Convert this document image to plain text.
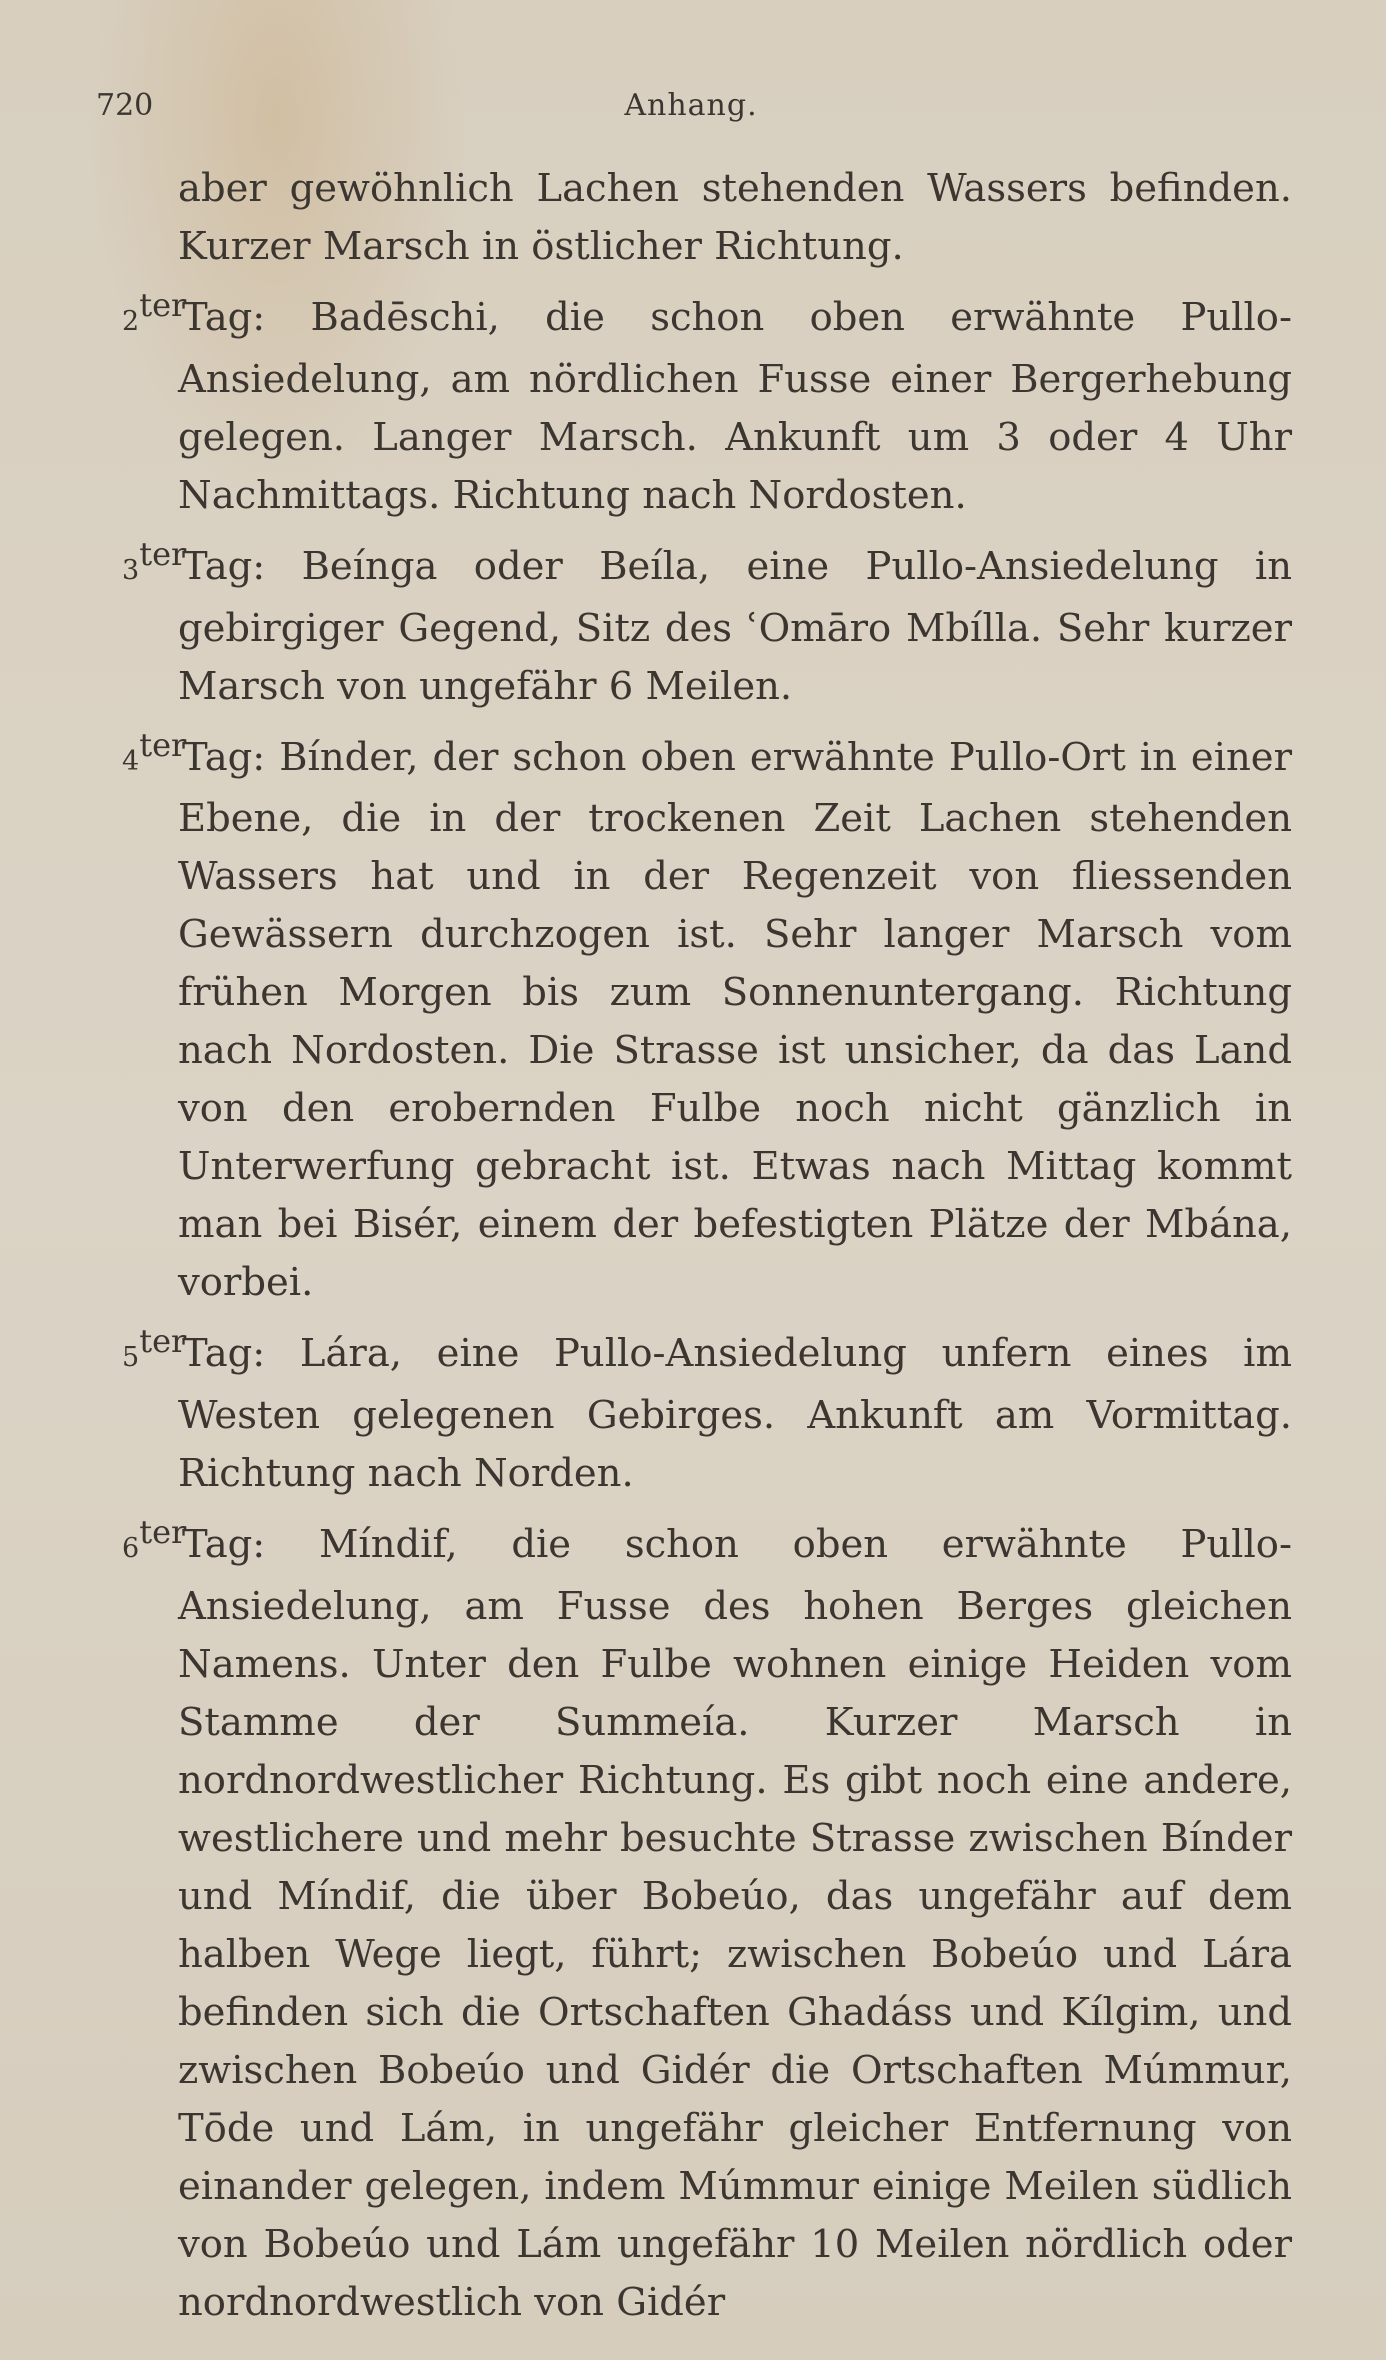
720	Anhang.

aber gewöhnlich Lachen stehenden Wassers befinden. Kurzer Marsch in östlicher Richtung.

$2^{ter}Tag$: Badēschi, die schon oben erwähnte Pullo-Ansiedelung, am nördlichen Fusse einer Bergerhebung gelegen. Langer Marsch. Ankunft um 3 oder 4 Uhr Nachmittags. Richtung nach Nordosten.

$3^{ter}Tag$: Beínga oder Beíla, eine Pullo-Ansiedelung in gebirgiger Gegend, Sitz des ʿOmāro Mbílla. Sehr kurzer Marsch von ungefähr 6 Meilen.

$4^{ter}Tag$: Bínder, der schon oben erwähnte Pullo-Ort in einer Ebene, die in der trockenen Zeit Lachen stehenden Wassers hat und in der Regenzeit von fliessenden Gewässern durchzogen ist. Sehr langer Marsch vom frühen Morgen bis zum Sonnenuntergang. Richtung nach Nordosten. Die Strasse ist unsicher, da das Land von den erobernden Fulbe noch nicht gänzlich in Unterwerfung gebracht ist. Etwas nach Mittag kommt man bei Bisér, einem der befestigten Plätze der Mbána, vorbei.

$5^{ter}Tag$: Lára, eine Pullo-Ansiedelung unfern eines im Westen gelegenen Gebirges. Ankunft am Vormittag. Richtung nach Norden.

$6^{ter}Tag$: Míndif, die schon oben erwähnte Pullo-Ansiedelung, am Fusse des hohen Berges gleichen Namens. Unter den Fulbe wohnen einige Heiden vom Stamme der Summeía. Kurzer Marsch in nordnordwestlicher Richtung. Es gibt noch eine andere, westlichere und mehr besuchte Strasse zwischen Bínder und Míndif, die über Bobeúo, das ungefähr auf dem halben Wege liegt, führt; zwischen Bobeúo und Lára befinden sich die Ortschaften Ghadáss und Kílgim, und zwischen Bobeúo und Gidér die Ortschaften Múmmur, Tōde und Lám, in ungefähr gleicher Entfernung von einander gelegen, indem Múmmur einige Meilen südlich von Bobeúo und Lám ungefähr 10 Meilen nördlich oder nordnordwestlich von Gidér
